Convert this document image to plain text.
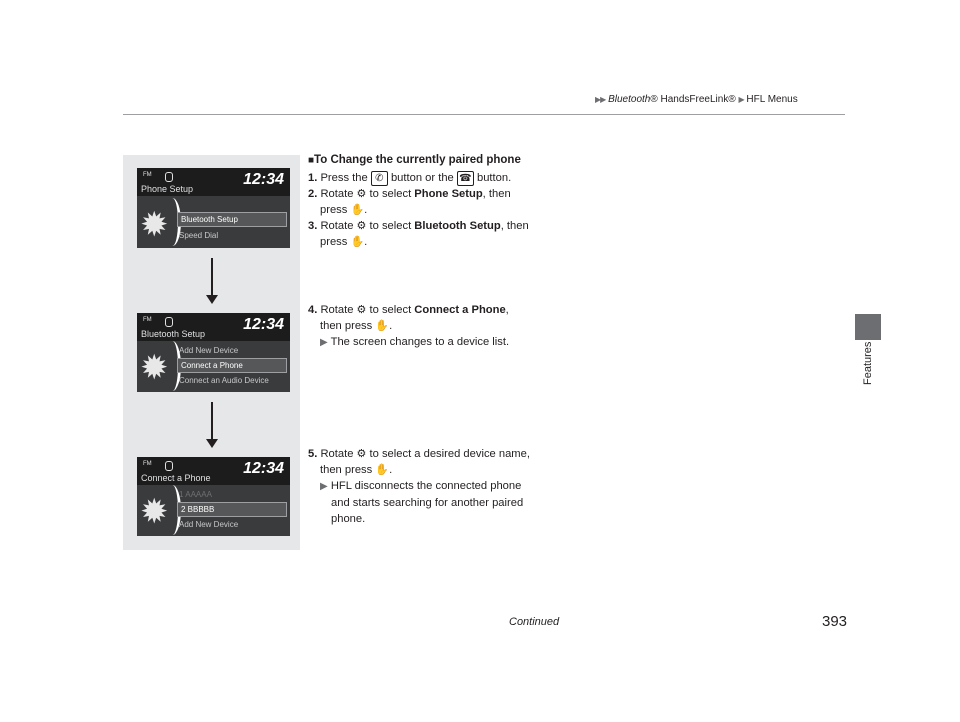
▶▶ Bluetooth® HandsFreeLink® ▶ HFL Menus
Features
FM	12:34
Phone Setup
✹ Bluetooth Setup
Speed Dial
FM	12:34
Bluetooth Setup
✹ Add New Device
Connect a Phone
Connect an Audio Device
FM	12:34
Connect a Phone
✹ 1 AAAAA
2 BBBBB
Add New Device
■To Change the currently paired phone
1. Press the ✆ button or the ☎ button.
2. Rotate ⚙ to select Phone Setup, then
press ✋.
3. Rotate ⚙ to select Bluetooth Setup, then
press ✋.
4. Rotate ⚙ to select Connect a Phone,
then press ✋.
▶ The screen changes to a device list.
5. Rotate ⚙ to select a desired device name,
then press ✋.
▶ HFL disconnects the connected phone
and starts searching for another paired
phone.
Continued	393
